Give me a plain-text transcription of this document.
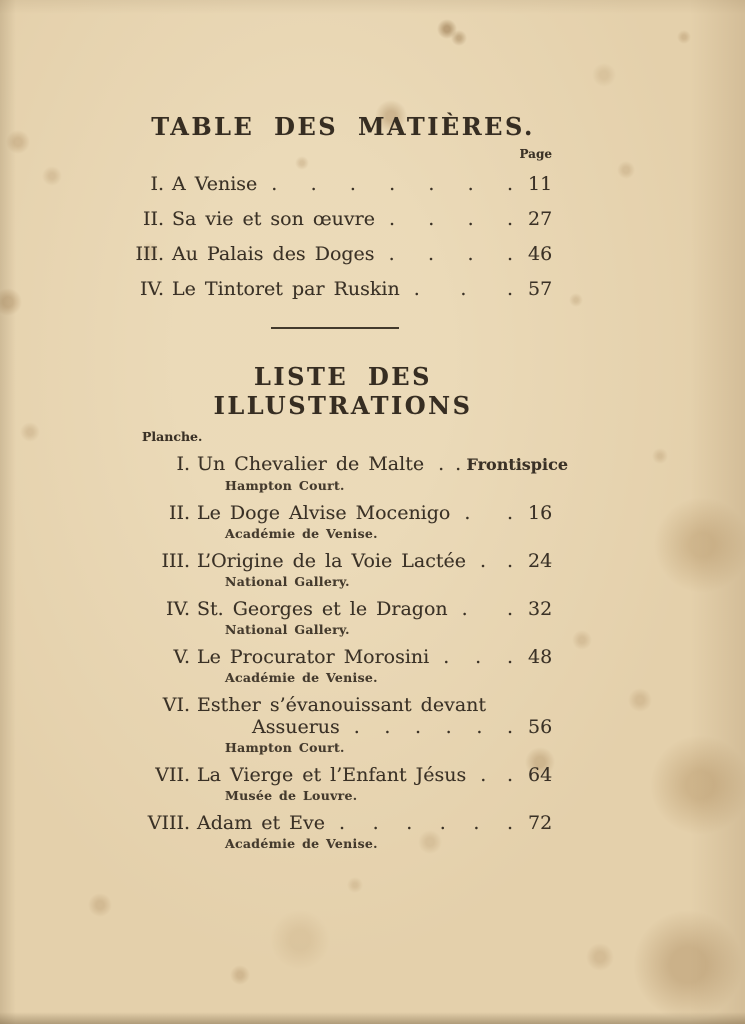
TABLE DES MATIÈRES.
Page
I. A Venise . . . . . . . 11
II. Sa vie et son œuvre . . . . 27
III. Au Palais des Doges . . . . 46
IV. Le Tintoret par Ruskin . . . 57
LISTE DES ILLUSTRATIONS
Planche.
I. Un Chevalier de Malte . . Frontispice
Hampton Court.
II. Le Doge Alvise Mocenigo . . 16
Académie de Venise.
III. L’Origine de la Voie Lactée . . 24
National Gallery.
IV. St. Georges et le Dragon . . 32
National Gallery.
V. Le Procurator Morosini . . . 48
Académie de Venise.
VI. Esther s’évanouissant devant
Assuerus . . . . . . 56
Hampton Court.
VII. La Vierge et l’Enfant Jésus . . 64
Musée de Louvre.
VIII. Adam et Eve . . . . . . 72
Académie de Venise.
